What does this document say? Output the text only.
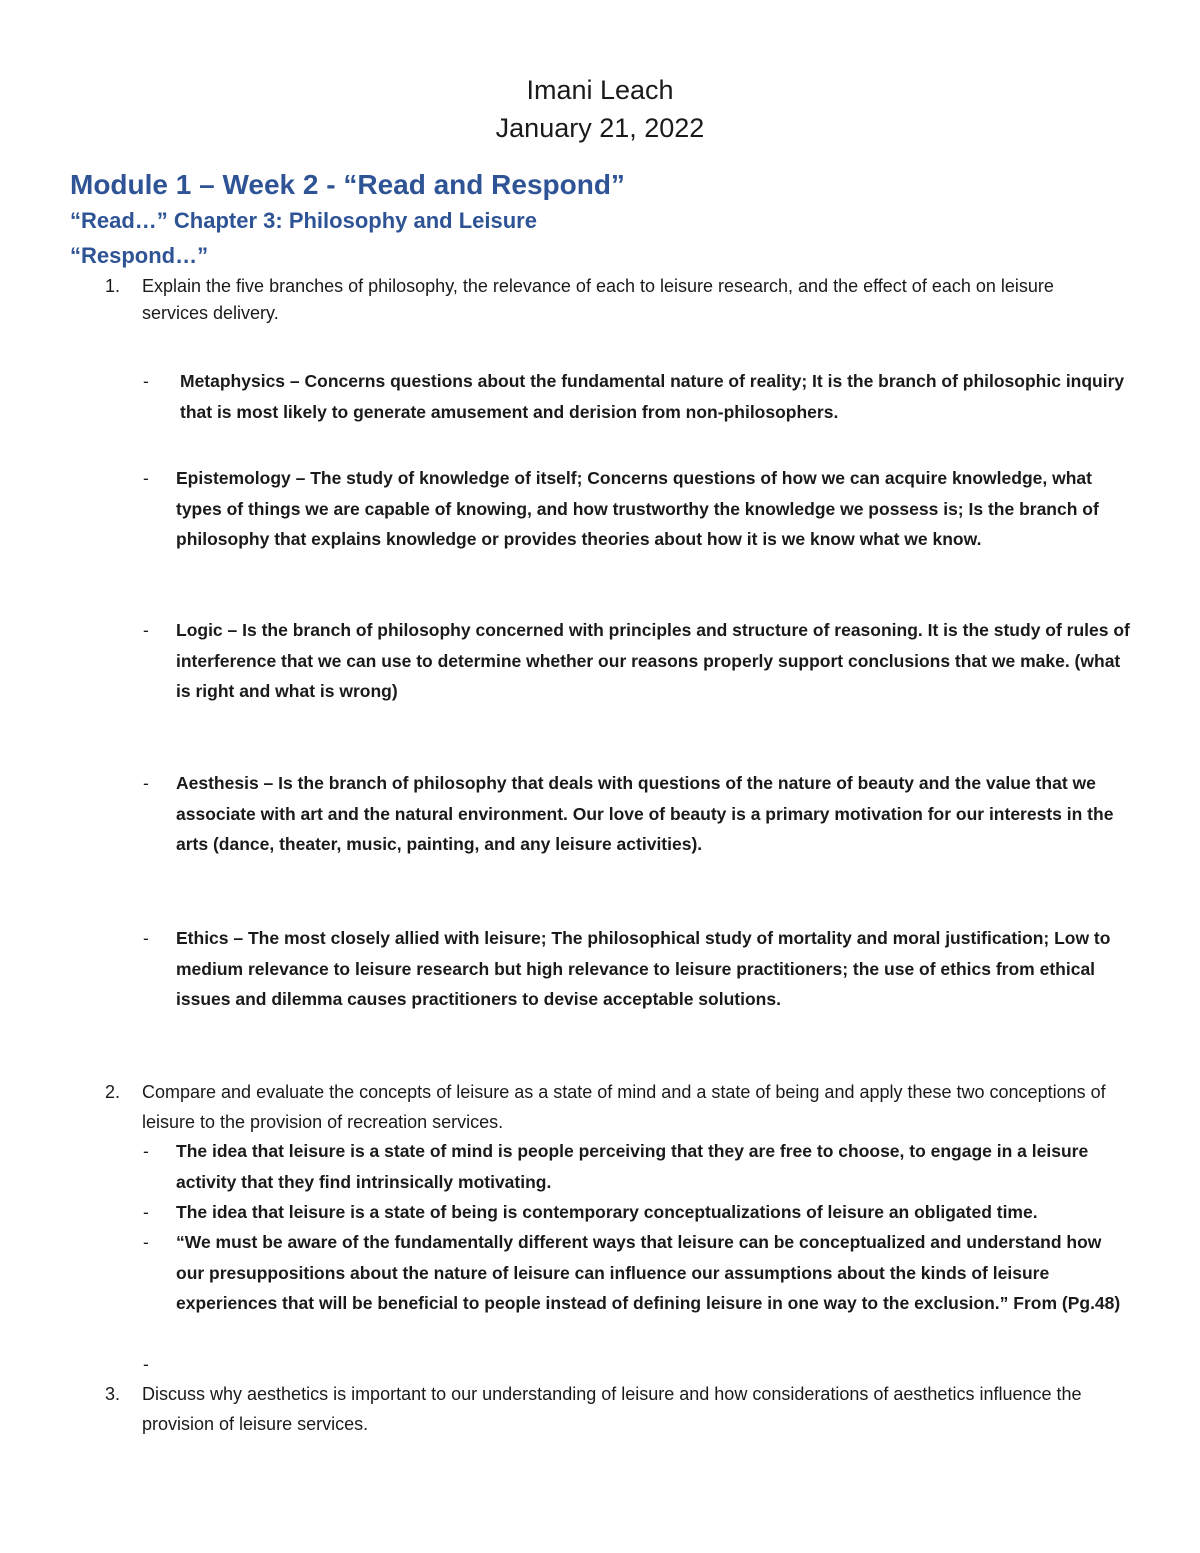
Imani Leach
January 21, 2022
Module 1 – Week 2 - “Read and Respond”
“Read…” Chapter 3: Philosophy and Leisure
“Respond…”
1. Explain the five branches of philosophy, the relevance of each to leisure research, and the effect of each on leisure services delivery.
- Metaphysics – Concerns questions about the fundamental nature of reality; It is the branch of philosophic inquiry that is most likely to generate amusement and derision from non-philosophers.
- Epistemology – The study of knowledge of itself; Concerns questions of how we can acquire knowledge, what types of things we are capable of knowing, and how trustworthy the knowledge we possess is; Is the branch of philosophy that explains knowledge or provides theories about how it is we know what we know.
- Logic – Is the branch of philosophy concerned with principles and structure of reasoning. It is the study of rules of interference that we can use to determine whether our reasons properly support conclusions that we make. (what is right and what is wrong)
- Aesthesis – Is the branch of philosophy that deals with questions of the nature of beauty and the value that we associate with art and the natural environment. Our love of beauty is a primary motivation for our interests in the arts (dance, theater, music, painting, and any leisure activities).
- Ethics – The most closely allied with leisure; The philosophical study of mortality and moral justification; Low to medium relevance to leisure research but high relevance to leisure practitioners; the use of ethics from ethical issues and dilemma causes practitioners to devise acceptable solutions.
2. Compare and evaluate the concepts of leisure as a state of mind and a state of being and apply these two conceptions of leisure to the provision of recreation services.
- The idea that leisure is a state of mind is people perceiving that they are free to choose, to engage in a leisure activity that they find intrinsically motivating.
- The idea that leisure is a state of being is contemporary conceptualizations of leisure an obligated time.
- “We must be aware of the fundamentally different ways that leisure can be conceptualized and understand how our presuppositions about the nature of leisure can influence our assumptions about the kinds of leisure experiences that will be beneficial to people instead of defining leisure in one way to the exclusion.” From (Pg.48)
-
3. Discuss why aesthetics is important to our understanding of leisure and how considerations of aesthetics influence the provision of leisure services.
